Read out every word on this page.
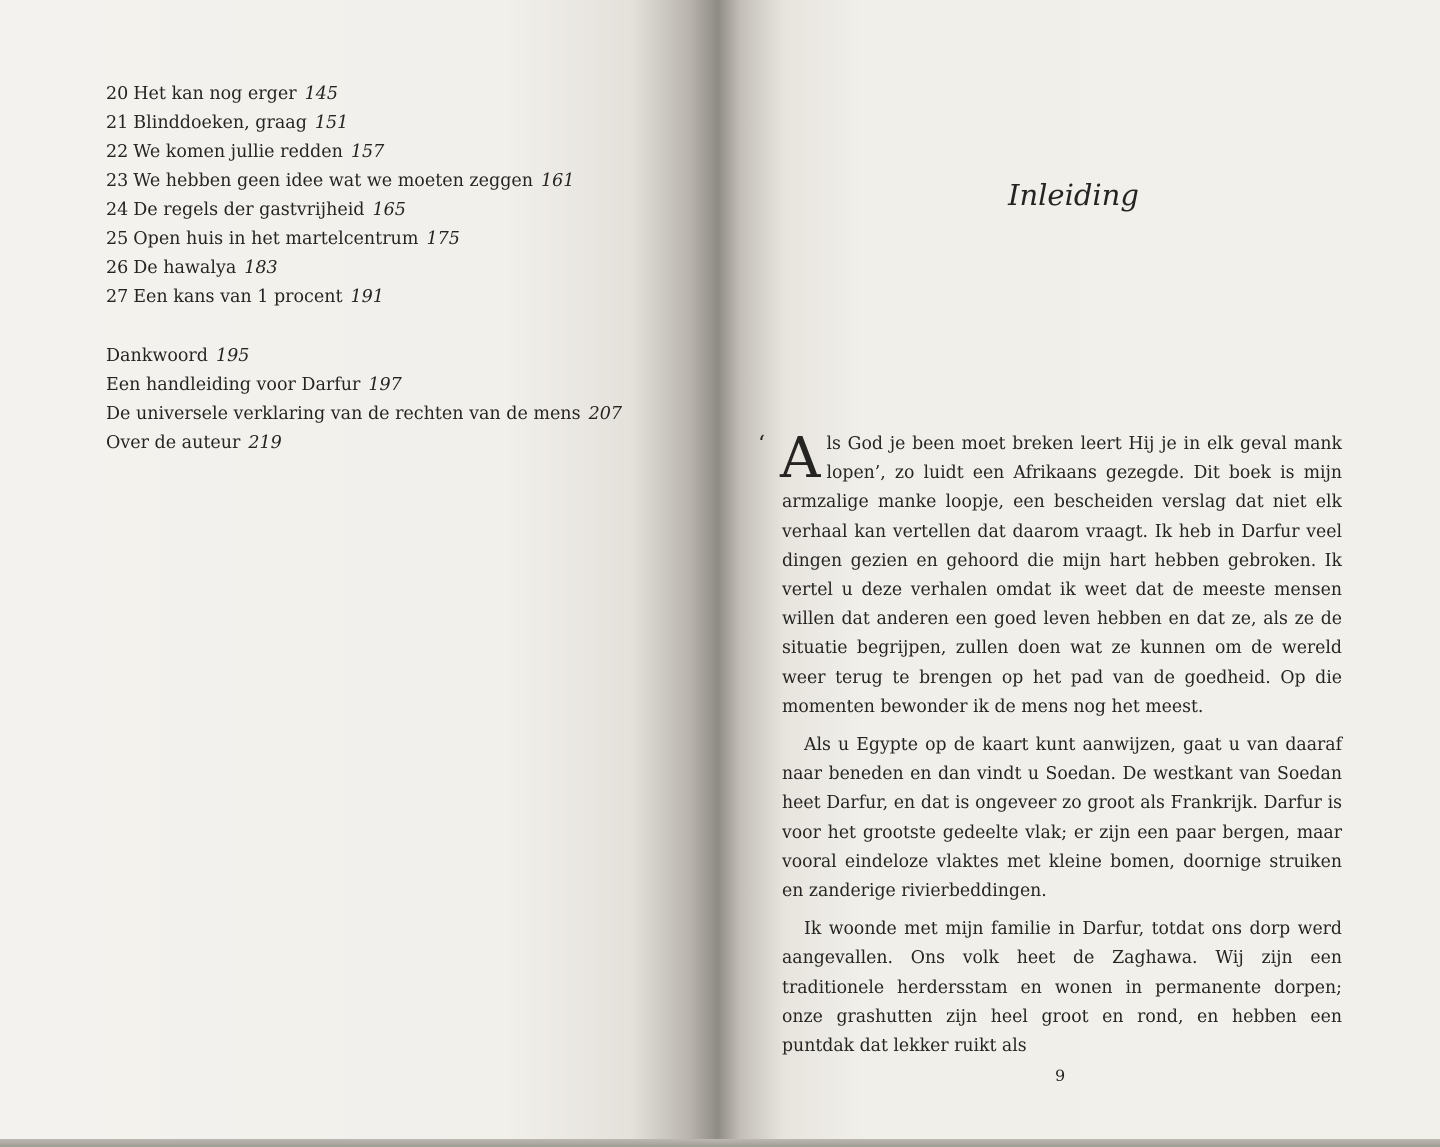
20 Het kan nog erger 145
21 Blinddoeken, graag 151
22 We komen jullie redden 157
23 We hebben geen idee wat we moeten zeggen 161
24 De regels der gastvrijheid 165
25 Open huis in het martelcentrum 175
26 De hawalya 183
27 Een kans van 1 procent 191
Dankwoord 195
Een handleiding voor Darfur 197
De universele verklaring van de rechten van de mens 207
Over de auteur 219
Inleiding

‘ A ls God je been moet breken leert Hij je in elk geval mank lopen’, zo luidt een Afrikaans gezegde. Dit boek is mijn armzalige manke loopje, een bescheiden verslag dat niet elk verhaal kan vertellen dat daarom vraagt. Ik heb in Darfur veel dingen gezien en gehoord die mijn hart hebben gebroken. Ik vertel u deze verhalen omdat ik weet dat de meeste mensen willen dat anderen een goed leven hebben en dat ze, als ze de situatie begrijpen, zullen doen wat ze kunnen om de wereld weer terug te brengen op het pad van de goedheid. Op die momenten bewonder ik de mens nog het meest.

Als u Egypte op de kaart kunt aanwijzen, gaat u van daaraf naar beneden en dan vindt u Soedan. De westkant van Soedan heet Darfur, en dat is ongeveer zo groot als Frankrijk. Darfur is voor het grootste gedeelte vlak; er zijn een paar bergen, maar vooral eindeloze vlaktes met kleine bomen, doornige struiken en zanderige rivierbeddingen.

Ik woonde met mijn familie in Darfur, totdat ons dorp werd aangevallen. Ons volk heet de Zaghawa. Wij zijn een traditionele herdersstam en wonen in permanente dorpen; onze grashutten zijn heel groot en rond, en hebben een puntdak dat lekker ruikt als

9
